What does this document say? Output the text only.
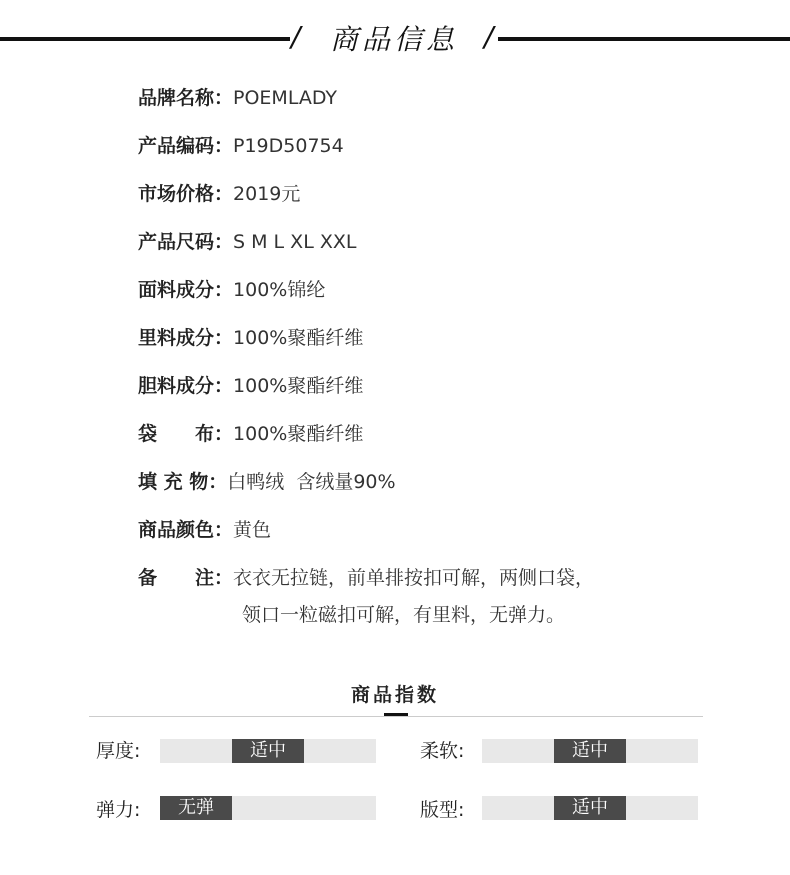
/ 商品信息 /
品牌名称： POEMLADY
产品编码： P19D50754
市场价格： 2019元
产品尺码： S M L XL XXL
面料成分： 100%锦纶
里料成分： 100%聚酯纤维
胆料成分： 100%聚酯纤维
袋　　布： 100%聚酯纤维
填 充 物： 白鸭绒  含绒量90%
商品颜色： 黄色
备　　注： 衣衣无拉链，前单排按扣可解，两侧口袋，
领口一粒磁扣可解，有里料，无弹力。
商品指数
厚度:	适中	柔软:	适中
弹力:	无弹	版型:	适中
